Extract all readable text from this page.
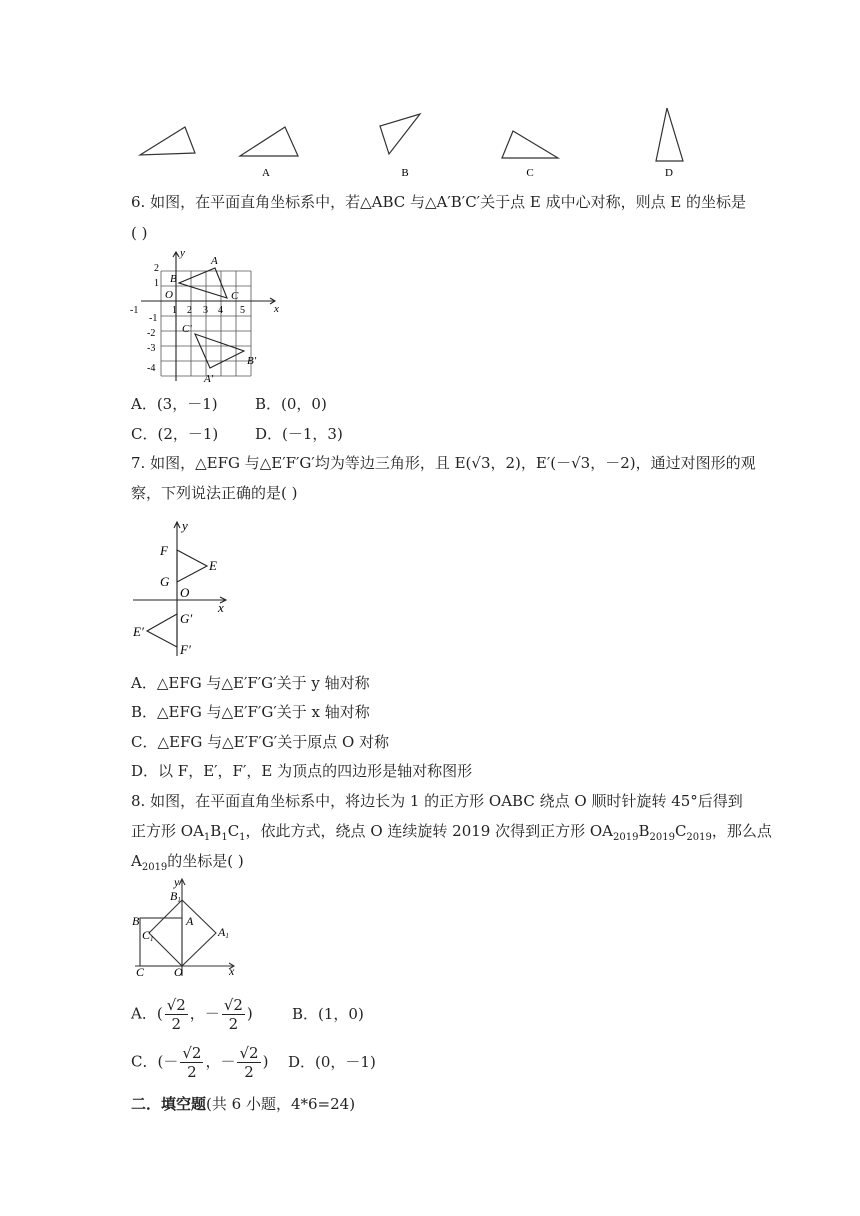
A	B	C	D
6. 如图，在平面直角坐标系中，若△ABC 与△A′B′C′关于点 E 成中心对称，则点 E 的坐标是
( )
y
x
-1	1 2 3 4 5
2
1
-1
-2
-3
-4
O
A
B
C
C′
B′
A′
A．(3，－1) B．(0，0)
C．(2，－1) D．(－1，3)
7. 如图，△EFG 与△E′F′G′均为等边三角形，且 E(√3，2)，E′(－√3，－2)，通过对图形的观
察，下列说法正确的是( )
y
x
F
E
G
O
G′
E′
F′
A．△EFG 与△E′F′G′关于 y 轴对称
B．△EFG 与△E′F′G′关于 x 轴对称
C．△EFG 与△E′F′G′关于原点 O 对称
D．以 F，E′，F′，E 为顶点的四边形是轴对称图形
8. 如图，在平面直角坐标系中，将边长为 1 的正方形 OABC 绕点 O 顺时针旋转 45°后得到
正方形 $OA_1B_1C_1$，依此方式，绕点 O 连续旋转 2019 次得到正方形 $OA_{2019}B_{2019}C_{2019}$，那么点
$A_{2019}$的坐标是( )
y
x
B1
B	A
A1
C1
C O
A．( $\frac{√2}{2}$ ，－ $\frac{√2}{2}$ )	B．(1，0)
C．(－ $\frac{√2}{2}$ ，－ $\frac{√2}{2}$ ) D．(0，－1)
二．填空题(共 6 小题，4*6=24)
